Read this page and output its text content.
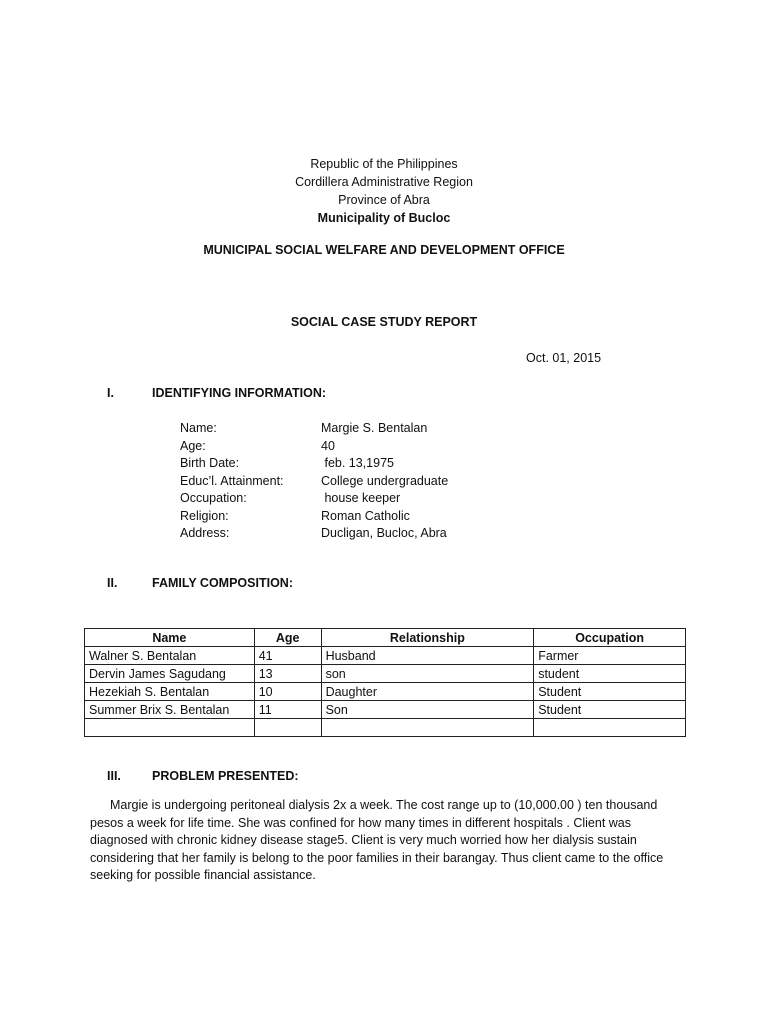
Republic of the Philippines
Cordillera Administrative Region
Province of Abra
Municipality of Bucloc
MUNICIPAL SOCIAL WELFARE AND DEVELOPMENT OFFICE
SOCIAL CASE STUDY REPORT
Oct. 01, 2015
I.	IDENTIFYING INFORMATION:
Name:	Margie S. Bentalan
Age:	40
Birth Date:	feb. 13,1975
Educ’l. Attainment:	College undergraduate
Occupation:	house keeper
Religion:	Roman Catholic
Address:	Ducligan, Bucloc, Abra
II.	FAMILY COMPOSITION:
Name	Age	Relationship	Occupation
Walner S. Bentalan	41	Husband	Farmer
Dervin James Sagudang	13	son	student
Hezekiah S. Bentalan	10	Daughter	Student
Summer Brix S. Bentalan	11	Son	Student

III. PROBLEM PRESENTED:

Margie is undergoing peritoneal dialysis 2x a week. The cost range up to (10,000.00 ) ten thousand pesos a week for life time. She was confined for how many times in different hospitals . Client was diagnosed with chronic kidney disease stage5. Client is very much worried how her dialysis sustain considering that her family is belong to the poor families in their barangay. Thus client came to the office seeking for possible financial assistance.
